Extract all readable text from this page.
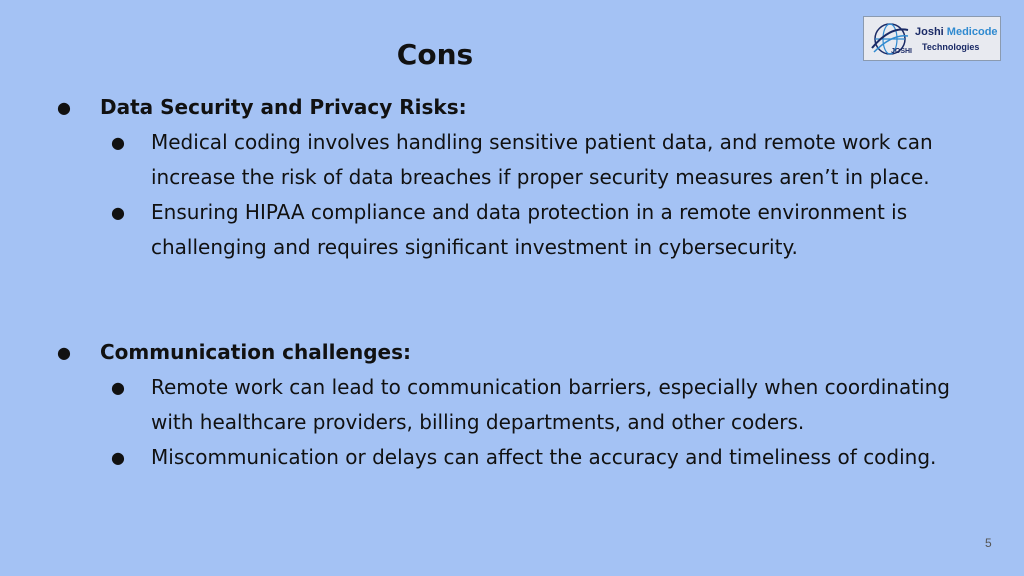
Cons
Joshi Medicode
Technologies
JOSHI
● Data Security and Privacy Risks:
● Medical coding involves handling sensitive patient data, and remote work can increase the risk of data breaches if proper security measures aren’t in place.
● Ensuring HIPAA compliance and data protection in a remote environment is challenging and requires significant investment in cybersecurity.
● Communication challenges:
● Remote work can lead to communication barriers, especially when coordinating with healthcare providers, billing departments, and other coders.
● Miscommunication or delays can affect the accuracy and timeliness of coding.
5
